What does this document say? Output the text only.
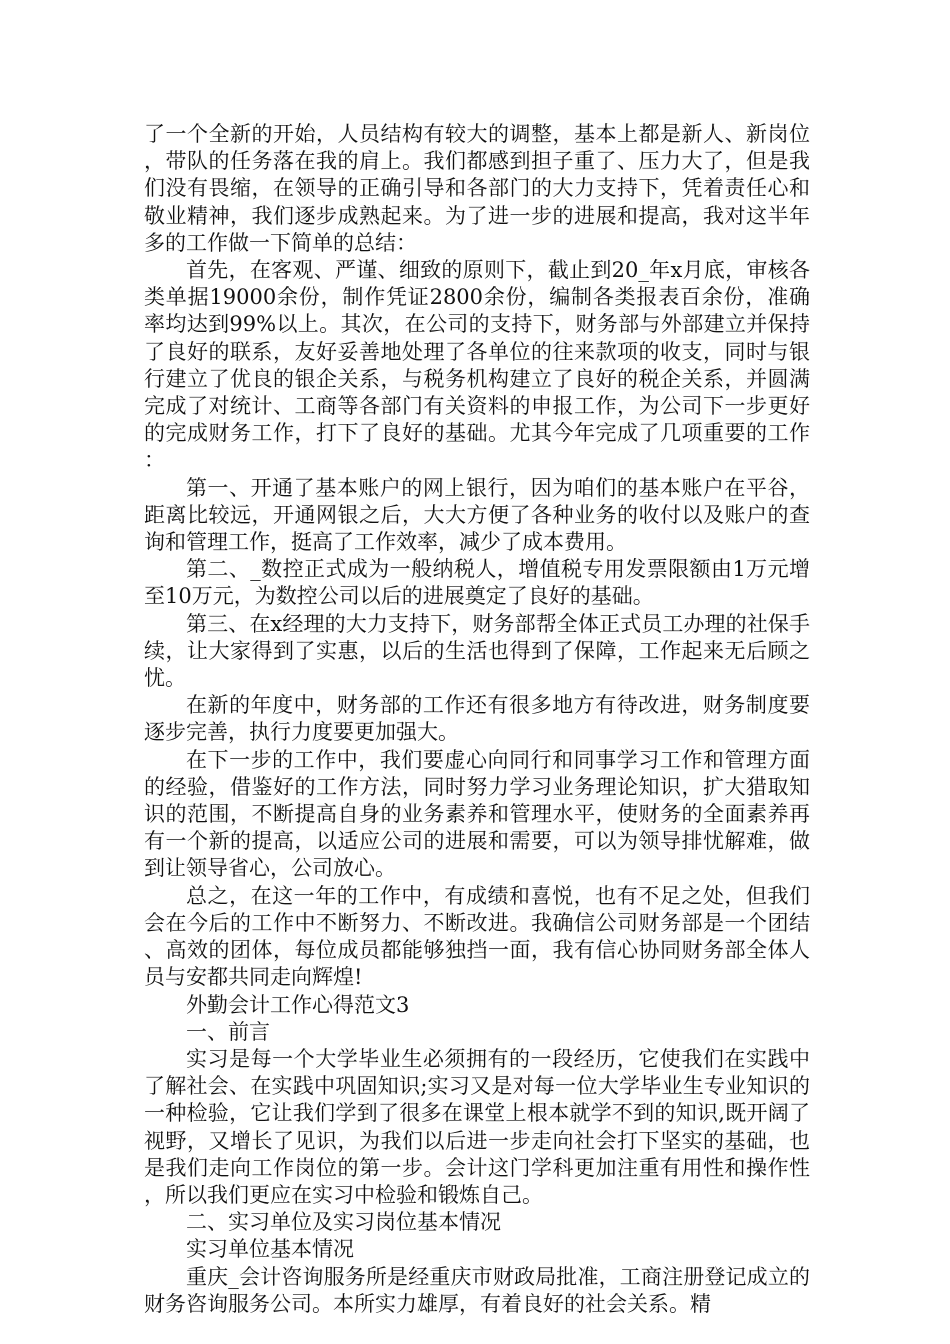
了一个全新的开始，人员结构有较大的调整，基本上都是新人、新岗位，带队的任务落在我的肩上。我们都感到担子重了、压力大了，但是我们没有畏缩，在领导的正确引导和各部门的大力支持下，凭着责任心和敬业精神，我们逐步成熟起来。为了进一步的进展和提高，我对这半年多的工作做一下简单的总结：

首先，在客观、严谨、细致的原则下，截止到20_年x月底，审核各类单据19000余份，制作凭证2800余份，编制各类报表百余份，准确率均达到99%以上。其次，在公司的支持下，财务部与外部建立并保持了良好的联系，友好妥善地处理了各单位的往来款项的收支，同时与银行建立了优良的银企关系，与税务机构建立了良好的税企关系，并圆满完成了对统计、工商等各部门有关资料的申报工作，为公司下一步更好的完成财务工作，打下了良好的基础。尤其今年完成了几项重要的工作：

第一、开通了基本账户的网上银行，因为咱们的基本账户在平谷，距离比较远，开通网银之后，大大方便了各种业务的收付以及账户的查询和管理工作，挺高了工作效率，减少了成本费用。

第二、_数控正式成为一般纳税人，增值税专用发票限额由1万元增至10万元，为数控公司以后的进展奠定了良好的基础。

第三、在x经理的大力支持下，财务部帮全体正式员工办理的社保手续，让大家得到了实惠，以后的生活也得到了保障，工作起来无后顾之忧。

在新的年度中，财务部的工作还有很多地方有待改进，财务制度要逐步完善，执行力度要更加强大。

在下一步的工作中，我们要虚心向同行和同事学习工作和管理方面的经验，借鉴好的工作方法，同时努力学习业务理论知识，扩大猎取知识的范围，不断提高自身的业务素养和管理水平，使财务的全面素养再有一个新的提高，以适应公司的进展和需要，可以为领导排忧解难，做到让领导省心，公司放心。

总之，在这一年的工作中，有成绩和喜悦，也有不足之处，但我们会在今后的工作中不断努力、不断改进。我确信公司财务部是一个团结、高效的团体，每位成员都能够独挡一面，我有信心协同财务部全体人员与安都共同走向辉煌!

外勤会计工作心得范文3

一、前言

实习是每一个大学毕业生必须拥有的一段经历，它使我们在实践中了解社会、在实践中巩固知识;实习又是对每一位大学毕业生专业知识的一种检验，它让我们学到了很多在课堂上根本就学不到的知识,既开阔了视野，又增长了见识，为我们以后进一步走向社会打下坚实的基础，也是我们走向工作岗位的第一步。会计这门学科更加注重有用性和操作性，所以我们更应在实习中检验和锻炼自己。

二、实习单位及实习岗位基本情况

实习单位基本情况

重庆_会计咨询服务所是经重庆市财政局批准，工商注册登记成立的财务咨询服务公司。本所实力雄厚，有着良好的社会关系。精
